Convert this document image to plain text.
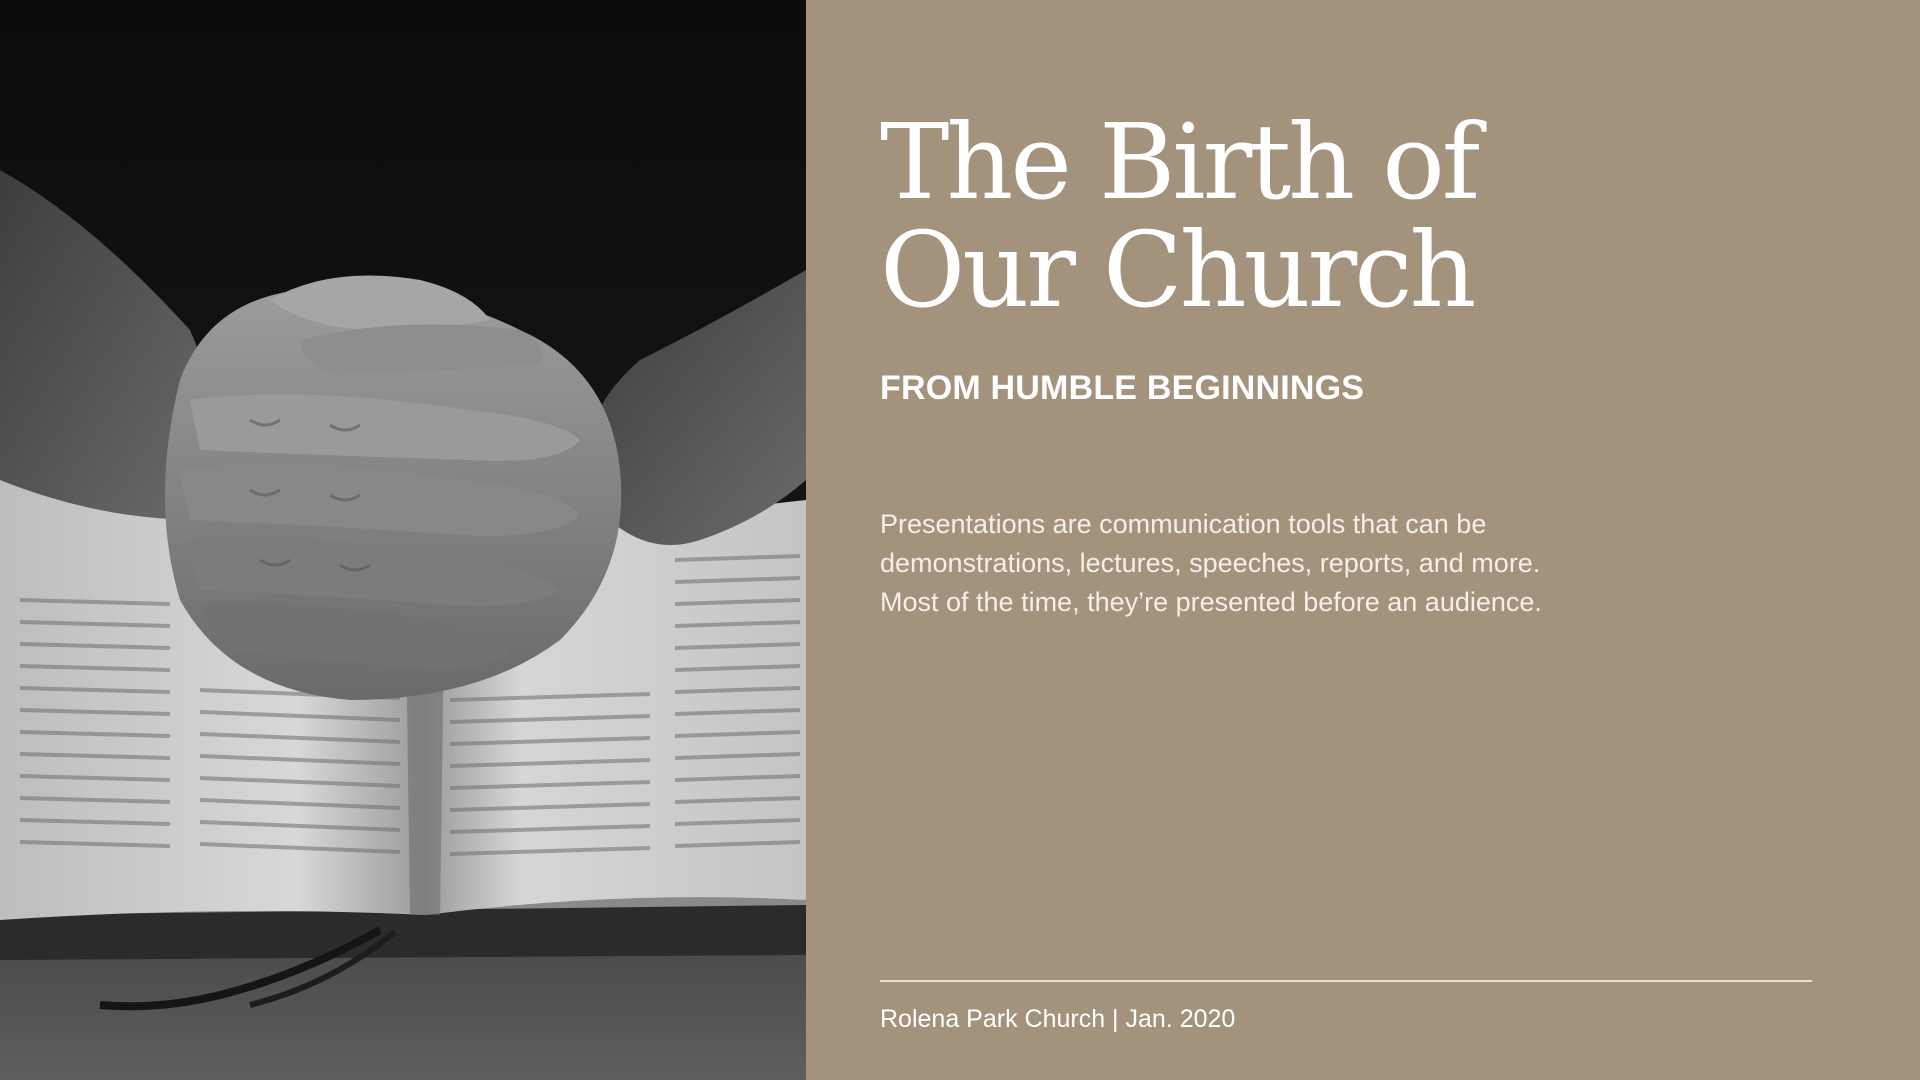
The Birth of
Our Church
FROM HUMBLE BEGINNINGS

Presentations are communication tools that can be
demonstrations, lectures, speeches, reports, and more.
Most of the time, they’re presented before an audience.

Rolena Park Church | Jan. 2020
